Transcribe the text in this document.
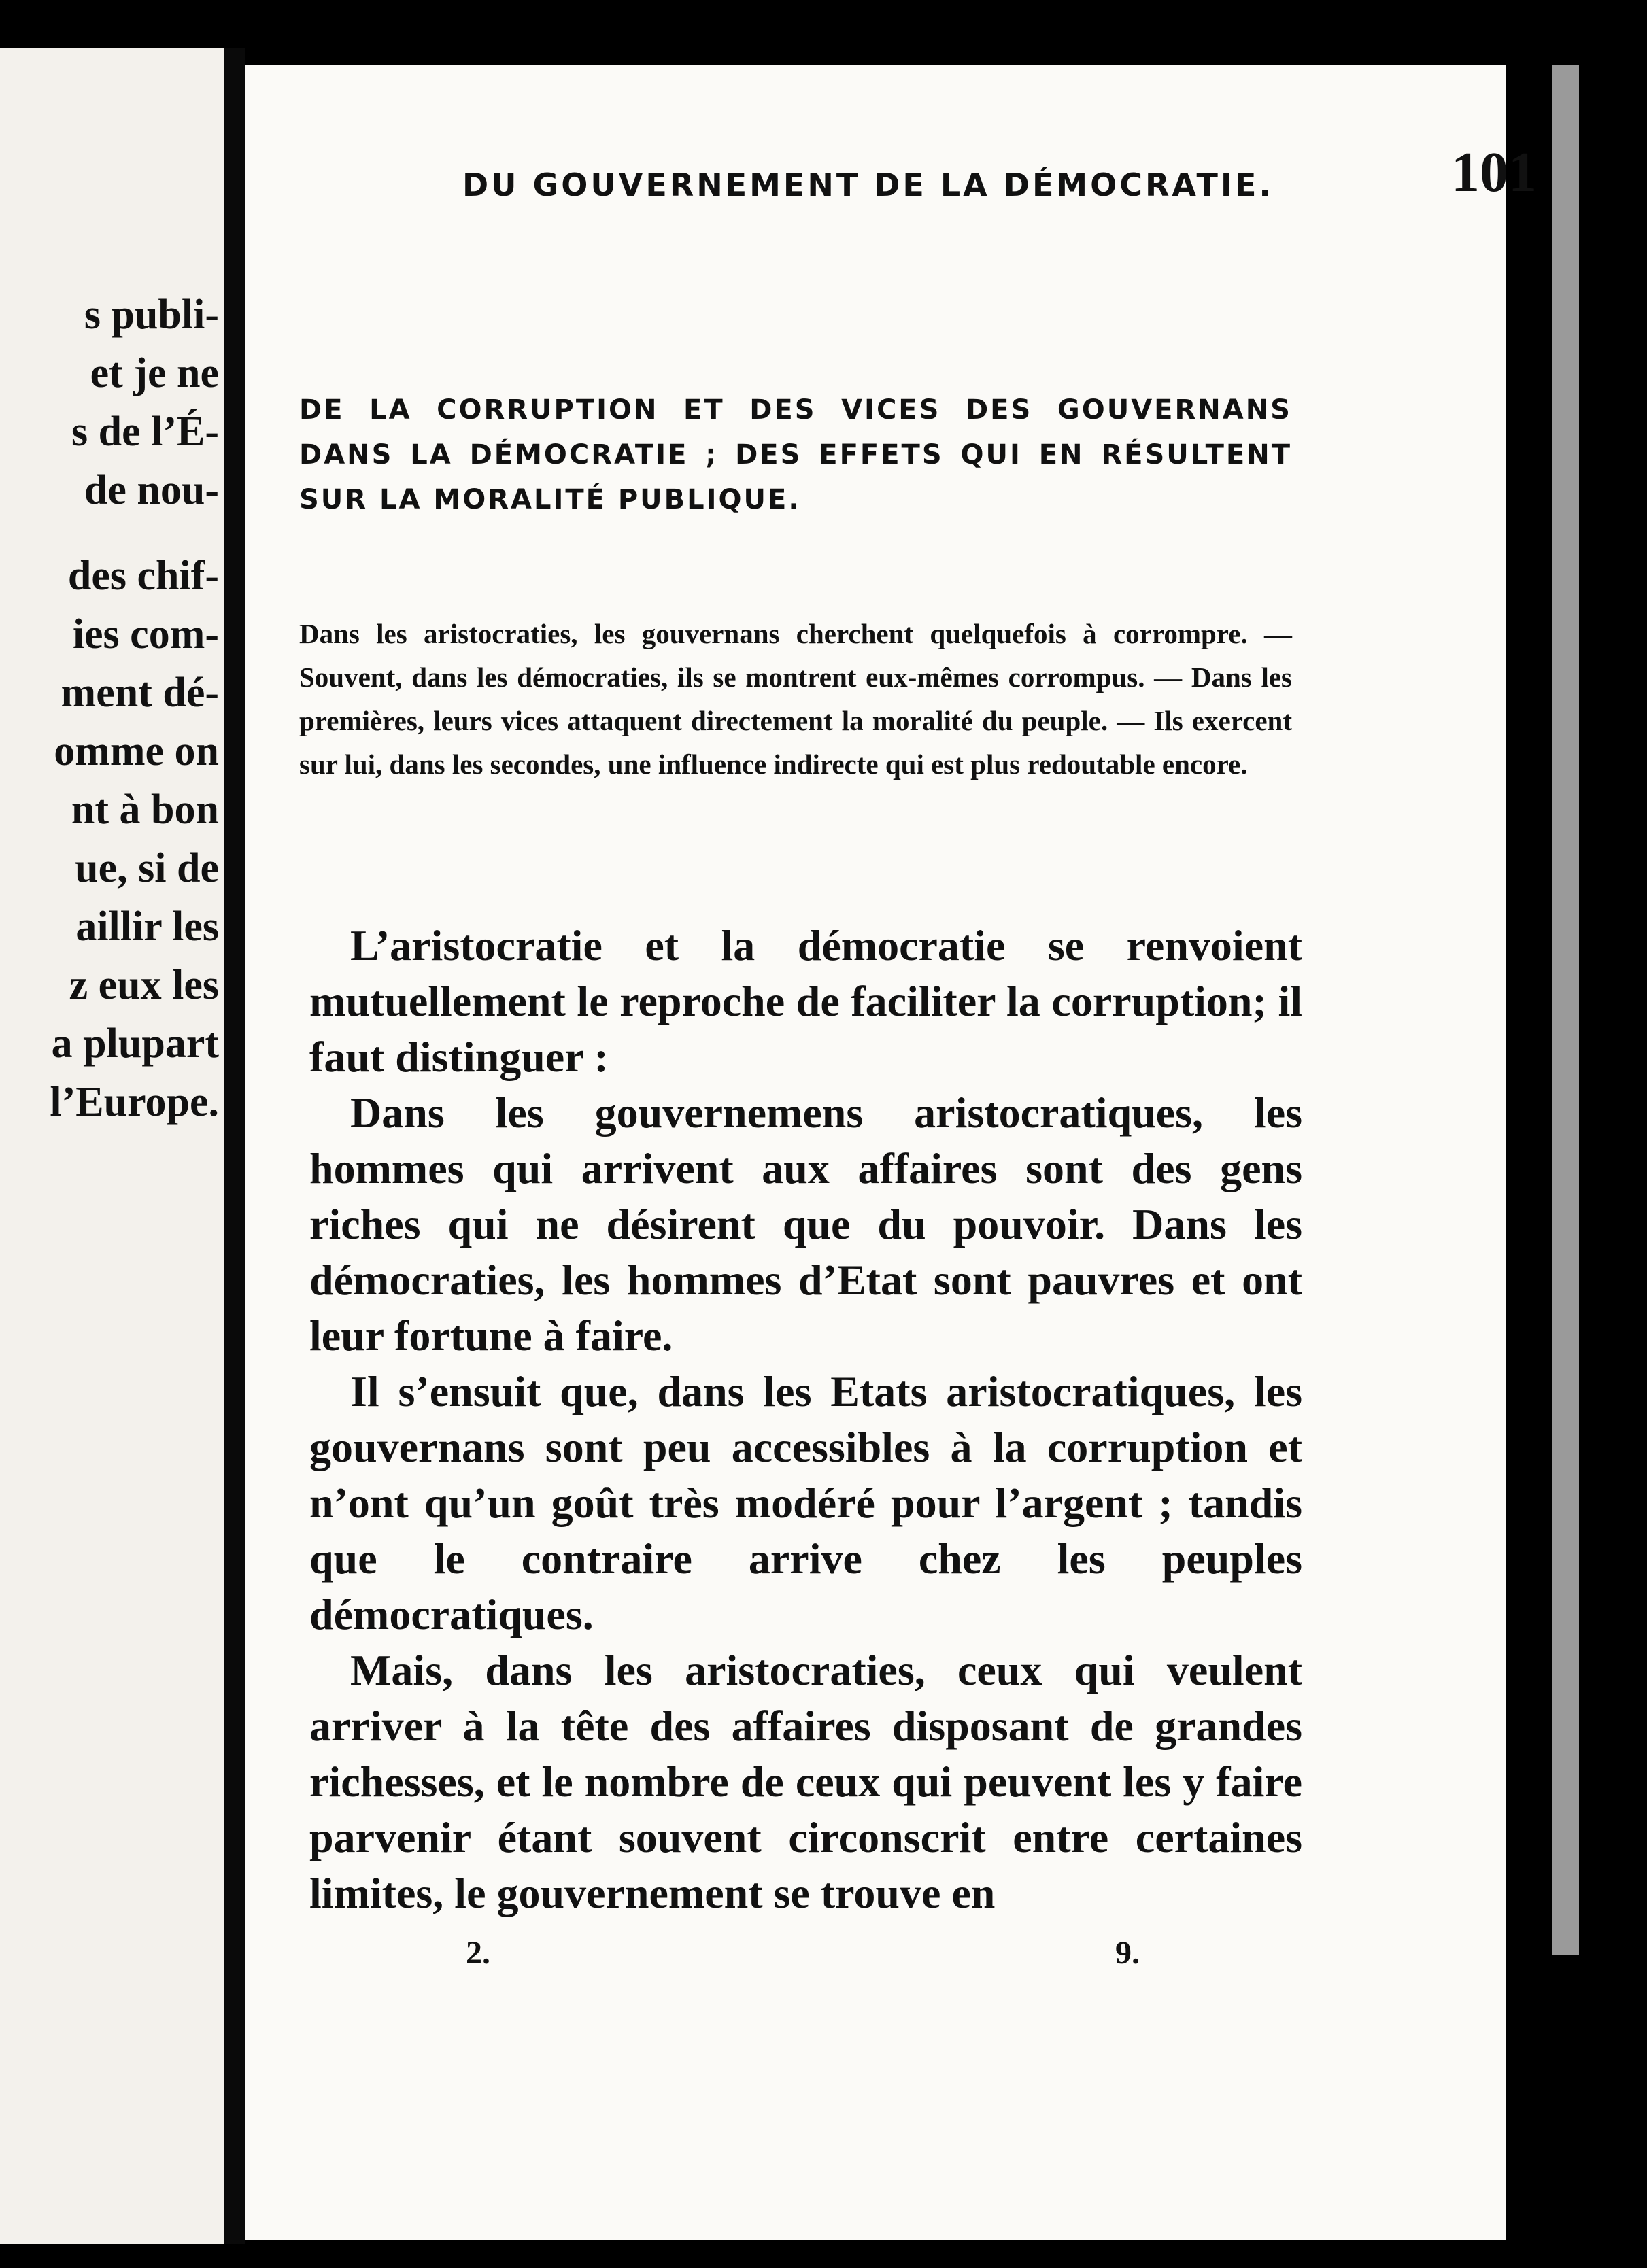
s publi-
et je ne
s de l’É-
de nou-
des chif-
ies com-
ment dé-
omme on
nt à bon
ue, si de
aillir les
z eux les
a plupart
l’Europe.
DU GOUVERNEMENT DE LA DÉMOCRATIE.	101
DE LA CORRUPTION ET DES VICES DES GOUVERNANS DANS LA DÉMOCRATIE ; DES EFFETS QUI EN RÉSULTENT SUR LA MORALITÉ PUBLIQUE.
Dans les aristocraties, les gouvernans cherchent quelquefois à corrompre. — Souvent, dans les démocraties, ils se montrent eux-mêmes corrompus. — Dans les premières, leurs vices attaquent directement la moralité du peuple. — Ils exercent sur lui, dans les secondes, une influence indirecte qui est plus redoutable encore.

L’aristocratie et la démocratie se renvoient mutuellement le reproche de faciliter la corruption; il faut distinguer :

Dans les gouvernemens aristocratiques, les hommes qui arrivent aux affaires sont des gens riches qui ne désirent que du pouvoir. Dans les démocraties, les hommes d’Etat sont pauvres et ont leur fortune à faire.

Il s’ensuit que, dans les Etats aristocratiques, les gouvernans sont peu accessibles à la corruption et n’ont qu’un goût très modéré pour l’argent ; tandis que le contraire arrive chez les peuples démocratiques.

Mais, dans les aristocraties, ceux qui veulent arriver à la tête des affaires disposant de grandes richesses, et le nombre de ceux qui peuvent les y faire parvenir étant souvent circonscrit entre certaines limites, le gouvernement se trouve en

2.	9.
